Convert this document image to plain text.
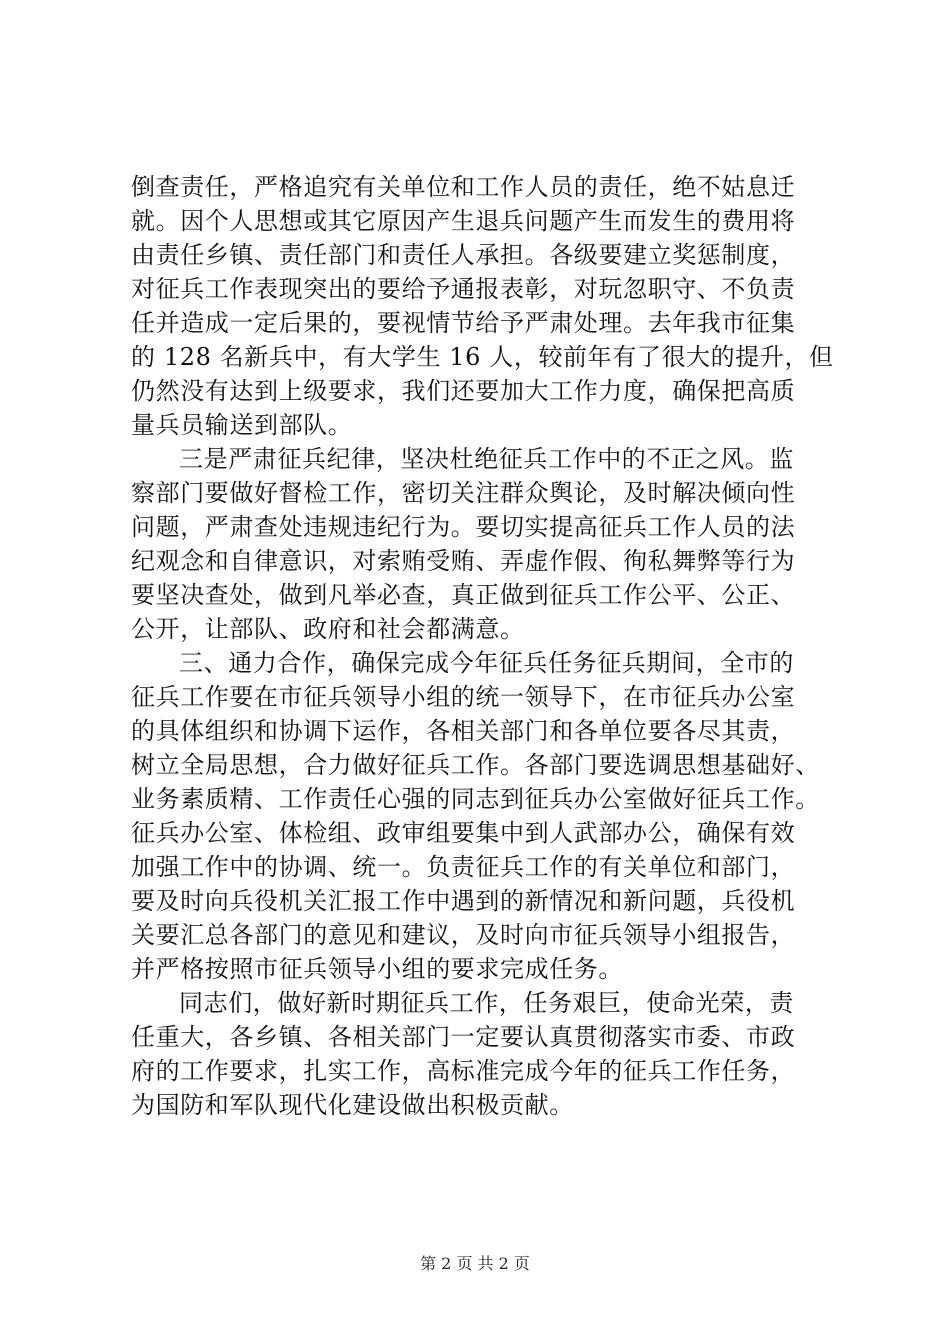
倒查责任，严格追究有关单位和工作人员的责任，绝不姑息迁
就。因个人思想或其它原因产生退兵问题产生而发生的费用将
由责任乡镇、责任部门和责任人承担。各级要建立奖惩制度，
对征兵工作表现突出的要给予通报表彰，对玩忽职守、不负责
任并造成一定后果的，要视情节给予严肃处理。去年我市征集
的 128 名新兵中，有大学生 16 人，较前年有了很大的提升，但
仍然没有达到上级要求，我们还要加大工作力度，确保把高质
量兵员输送到部队。
三是严肃征兵纪律，坚决杜绝征兵工作中的不正之风。监
察部门要做好督检工作，密切关注群众舆论，及时解决倾向性
问题，严肃查处违规违纪行为。要切实提高征兵工作人员的法
纪观念和自律意识，对索贿受贿、弄虚作假、徇私舞弊等行为
要坚决查处，做到凡举必查，真正做到征兵工作公平、公正、
公开，让部队、政府和社会都满意。
三、通力合作，确保完成今年征兵任务征兵期间，全市的
征兵工作要在市征兵领导小组的统一领导下，在市征兵办公室
的具体组织和协调下运作，各相关部门和各单位要各尽其责，
树立全局思想，合力做好征兵工作。各部门要选调思想基础好、
业务素质精、工作责任心强的同志到征兵办公室做好征兵工作。
征兵办公室、体检组、政审组要集中到人武部办公，确保有效
加强工作中的协调、统一。负责征兵工作的有关单位和部门，
要及时向兵役机关汇报工作中遇到的新情况和新问题，兵役机
关要汇总各部门的意见和建议，及时向市征兵领导小组报告，
并严格按照市征兵领导小组的要求完成任务。
同志们，做好新时期征兵工作，任务艰巨，使命光荣，责
任重大，各乡镇、各相关部门一定要认真贯彻落实市委、市政
府的工作要求，扎实工作，高标准完成今年的征兵工作任务，
为国防和军队现代化建设做出积极贡献。
第 2 页 共 2 页
